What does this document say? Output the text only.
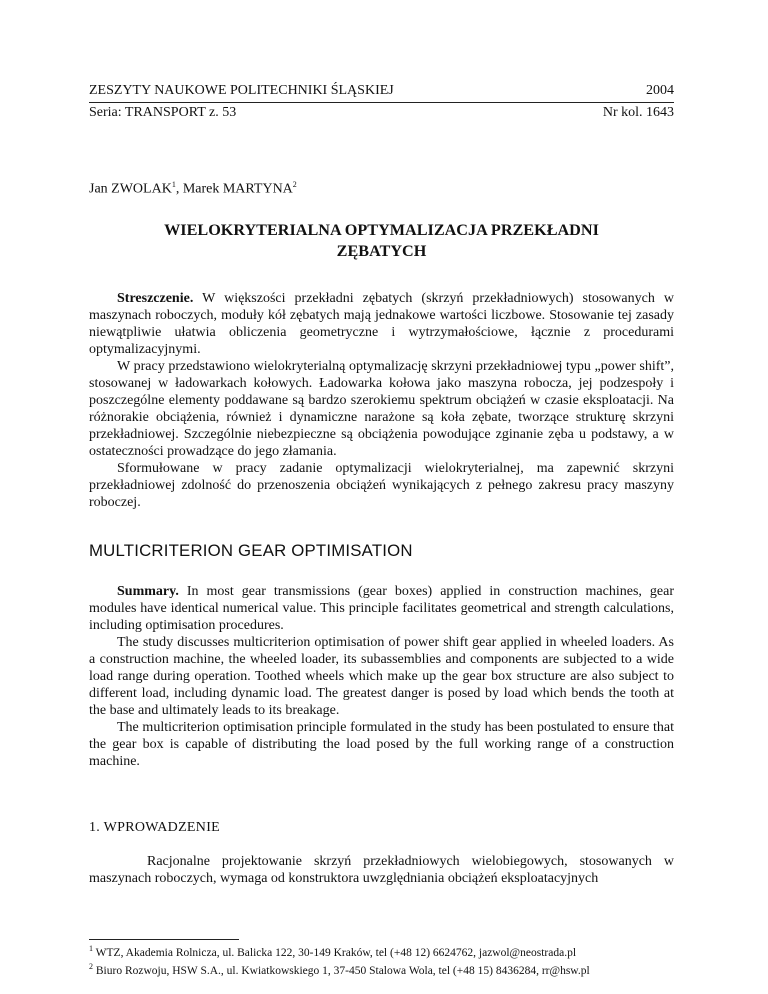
ZESZYTY NAUKOWE POLITECHNIKI ŚLĄSKIEJ	2004
Seria: TRANSPORT z. 53	Nr kol. 1643
Jan ZWOLAK$^1$, Marek MARTYNA$^2$
WIELOKRYTERIALNA OPTYMALIZACJA PRZEKŁADNI
ZĘBATYCH

Streszczenie. W większości przekładni zębatych (skrzyń przekładniowych) stosowanych w maszynach roboczych, moduły kół zębatych mają jednakowe wartości liczbowe. Stosowanie tej zasady niewątpliwie ułatwia obliczenia geometryczne i wytrzymałościowe, łącznie z procedurami optymalizacyjnymi.

W pracy przedstawiono wielokryterialną optymalizację skrzyni przekładniowej typu „power shift”, stosowanej w ładowarkach kołowych. Ładowarka kołowa jako maszyna robocza, jej podzespoły i poszczególne elementy poddawane są bardzo szerokiemu spektrum obciążeń w czasie eksploatacji. Na różnorakie obciążenia, również i dynamiczne narażone są koła zębate, tworzące strukturę skrzyni przekładniowej. Szczególnie niebezpieczne są obciążenia powodujące zginanie zęba u podstawy, a w ostateczności prowadzące do jego złamania.

Sformułowane w pracy zadanie optymalizacji wielokryterialnej, ma zapewnić skrzyni przekładniowej zdolność do przenoszenia obciążeń wynikających z pełnego zakresu pracy maszyny roboczej.

MULTICRITERION GEAR OPTIMISATION

Summary. In most gear transmissions (gear boxes) applied in construction machines, gear modules have identical numerical value. This principle facilitates geometrical and strength calculations, including optimisation procedures.

The study discusses multicriterion optimisation of power shift gear applied in wheeled loaders. As a construction machine, the wheeled loader, its subassemblies and components are subjected to a wide load range during operation. Toothed wheels which make up the gear box structure are also subject to different load, including dynamic load. The greatest danger is posed by load which bends the tooth at the base and ultimately leads to its breakage.

The multicriterion optimisation principle formulated in the study has been postulated to ensure that the gear box is capable of distributing the load posed by the full working range of a construction machine.

1. WPROWADZENIE

Racjonalne projektowanie skrzyń przekładniowych wielobiegowych, stosowanych w maszynach roboczych, wymaga od konstruktora uwzględniania obciążeń eksploatacyjnych

$^1$ WTZ, Akademia Rolnicza, ul. Balicka 122, 30-149 Kraków, tel (+48 12) 6624762, jazwol@neostrada.pl
$^2$ Biuro Rozwoju, HSW S.A., ul. Kwiatkowskiego 1, 37-450 Stalowa Wola, tel (+48 15) 8436284, rr@hsw.pl
